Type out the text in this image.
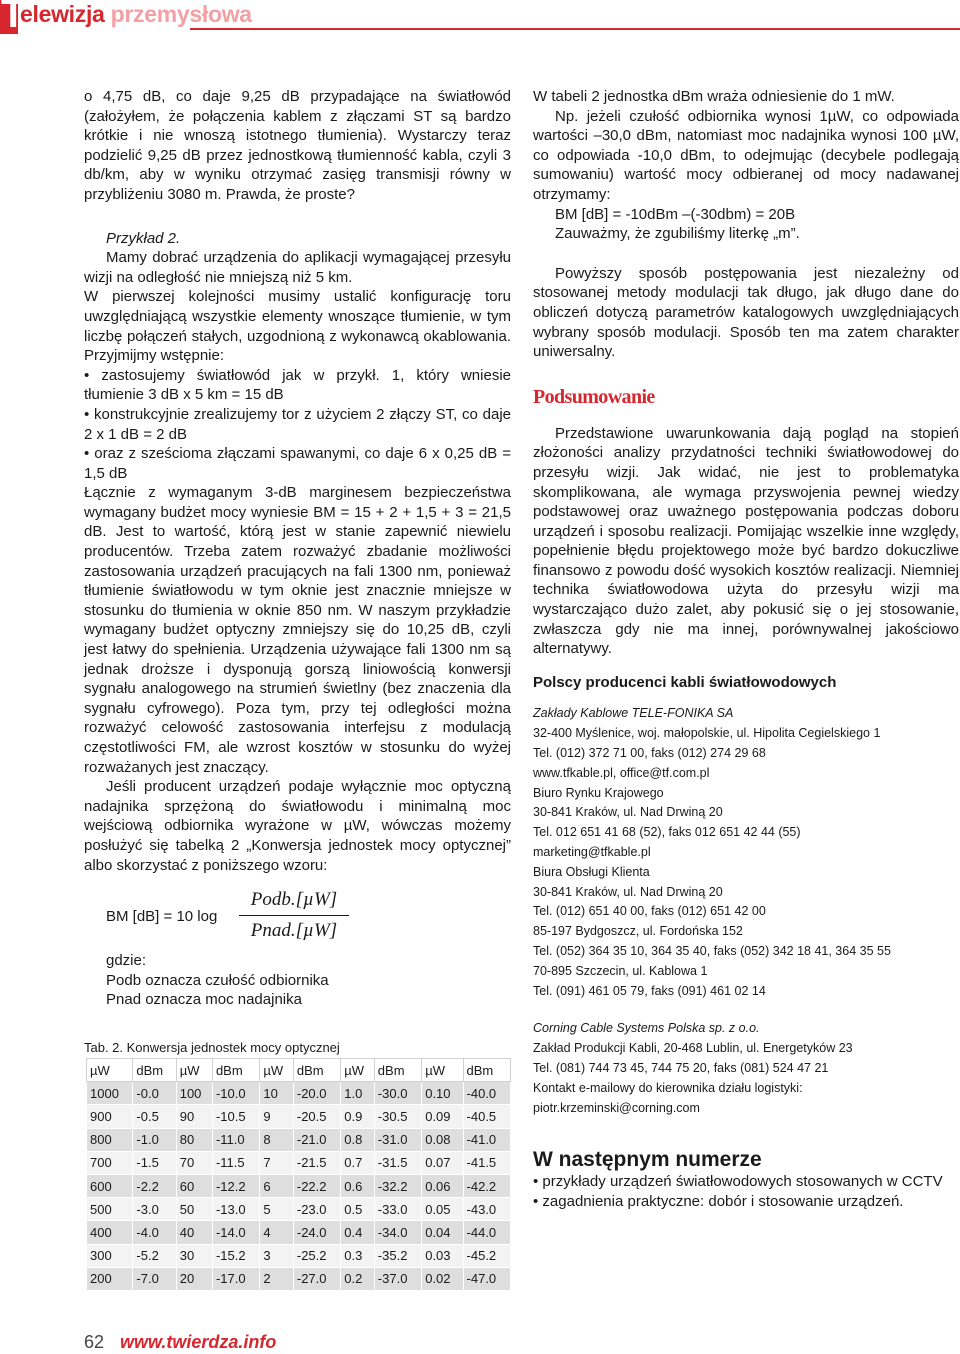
T
elewizja przemysłowa

o 4,75 dB, co daje 9,25 dB przypadające na światłowód (założyłem, że połączenia kablem z złączami ST są bardzo krótkie i nie wnoszą istotnego tłumienia). Wystarczy teraz podzielić 9,25 dB przez jednostkową tłumienność kabla, czyli 3 db/km, aby w wyniku otrzymać zasięg transmisji równy w przybliżeniu 3080 m. Prawda, że proste?

Przykład 2.

Mamy dobrać urządzenia do aplikacji wymagającej przesyłu wizji na odległość nie mniejszą niż 5 km.

W pierwszej kolejności musimy ustalić konfigurację toru uwzględniającą wszystkie elementy wnoszące tłumienie, w tym liczbę połączeń stałych, uzgodnioną z wykonawcą okablowania. Przyjmijmy wstępnie:

• zastosujemy światłowód jak w przykł. 1, który wniesie tłumienie 3 dB x 5 km = 15 dB

• konstrukcyjnie zrealizujemy tor z użyciem 2 złączy ST, co daje 2 x 1 dB = 2 dB

• oraz z sześcioma złączami spawanymi, co daje 6 x 0,25 dB = 1,5 dB

Łącznie z wymaganym 3-dB marginesem bezpieczeństwa wymagany budżet mocy wyniesie BM = 15 + 2 + 1,5 + 3 = 21,5 dB. Jest to wartość, którą jest w stanie zapewnić niewielu producentów. Trzeba zatem rozważyć zbadanie możliwości zastosowania urządzeń pracujących na fali 1300 nm, ponieważ tłumienie światłowodu w tym oknie jest znacznie mniejsze w stosunku do tłumienia w oknie 850 nm. W naszym przykładzie wymagany budżet optyczny zmniejszy się do 10,25 dB, czyli jest łatwy do spełnienia. Urządzenia używające fali 1300 nm są jednak droższe i dysponują gorszą liniowością konwersji sygnału analogowego na strumień świetlny (bez znaczenia dla sygnału cyfrowego). Poza tym, przy tej odległości można rozważyć celowość zastosowania interfejsu z modulacją częstotliwości FM, ale wzrost kosztów w stosunku do wyżej rozważanych jest znaczący.

Jeśli producent urządzeń podaje wyłącznie moc optyczną nadajnika sprzężoną do światłowodu i minimalną moc wejściową odbiornika wyrażone w µW, wówczas możemy posłużyć się tabelką 2 „Konwersja jednostek mocy optycznej” albo skorzystać z poniższego wzoru:

BM [dB] = 10 log
Podb.[µW]
Pnad.[µW]

gdzie:

Podb oznacza czułość odbiornika

Pnad oznacza moc nadajnika

Tab. 2. Konwersja jednostek mocy optycznej
µW	dBm	µW	dBm	µW	dBm	µW	dBm	µW	dBm
1000	-0.0	100	-10.0	10	-20.0	1.0	-30.0	0.10	-40.0
900	-0.5	90	-10.5	9	-20.5	0.9	-30.5	0.09	-40.5
800	-1.0	80	-11.0	8	-21.0	0.8	-31.0	0.08	-41.0
700	-1.5	70	-11.5	7	-21.5	0.7	-31.5	0.07	-41.5
600	-2.2	60	-12.2	6	-22.2	0.6	-32.2	0.06	-42.2
500	-3.0	50	-13.0	5	-23.0	0.5	-33.0	0.05	-43.0
400	-4.0	40	-14.0	4	-24.0	0.4	-34.0	0.04	-44.0
300	-5.2	30	-15.2	3	-25.2	0.3	-35.2	0.03	-45.2
200	-7.0	20	-17.0	2	-27.0	0.2	-37.0	0.02	-47.0

W tabeli 2 jednostka dBm wraża odniesienie do 1 mW.

Np. jeżeli czułość odbiornika wynosi 1µW, co odpowiada wartości –30,0 dBm, natomiast moc nadajnika wynosi 100 µW, co odpowiada -10,0 dBm, to odejmując (decybele podlegają sumowaniu) wartość mocy odbieranej od mocy nadawanej otrzymamy:

BM [dB] = -10dBm –(-30dbm) = 20B

Zauważmy, że zgubiliśmy literkę „m”.

Powyższy sposób postępowania jest niezależny od stosowanej metody modulacji tak długo, jak długo dane do obliczeń dotyczą parametrów katalogowych uwzględniających wybrany sposób modulacji. Sposób ten ma zatem charakter uniwersalny.

Podsumowanie

Przedstawione uwarunkowania dają pogląd na stopień złożoności analizy przydatności techniki światłowodowej do przesyłu wizji. Jak widać, nie jest to problematyka skomplikowana, ale wymaga przyswojenia pewnej wiedzy podstawowej oraz uważnego postępowania podczas doboru urządzeń i sposobu realizacji. Pomijając wszelkie inne względy, popełnienie błędu projektowego może być bardzo dokuczliwe finansowo z powodu dość wysokich kosztów realizacji. Niemniej technika światłowodowa użyta do przesyłu wizji ma wystarczająco dużo zalet, aby pokusić się o jej stosowanie, zwłaszcza gdy nie ma innej, porównywalnej jakościowo alternatywy.

Polscy producenci kabli światłowodowych

Zakłady Kablowe TELE-FONIKA SA

32-400 Myślenice, woj. małopolskie, ul. Hipolita Cegielskiego 1

Tel. (012) 372 71 00, faks (012) 274 29 68

www.tfkable.pl, office@tf.com.pl

Biuro Rynku Krajowego

30-841 Kraków, ul. Nad Drwiną 20

Tel. 012 651 41 68 (52), faks 012 651 42 44 (55)

marketing@tfkable.pl

Biura Obsługi Klienta

30-841 Kraków, ul. Nad Drwiną 20

Tel. (012) 651 40 00, faks (012) 651 42 00

85-197 Bydgoszcz, ul. Fordońska 152

Tel. (052) 364 35 10, 364 35 40, faks (052) 342 18 41, 364 35 55

70-895 Szczecin, ul. Kablowa 1

Tel. (091) 461 05 79, faks (091) 461 02 14

Corning Cable Systems Polska sp. z o.o.

Zakład Produkcji Kabli, 20-468 Lublin, ul. Energetyków 23

Tel. (081) 744 73 45, 744 75 20, faks (081) 524 47 21

Kontakt e-mailowy do kierownika działu logistyki:

piotr.krzeminski@corning.com

W następnym numerze

• przykłady urządzeń światłowodowych stosowanych w CCTV

• zagadnienia praktyczne: dobór i stosowanie urządzeń.

62 www.twierdza.info
